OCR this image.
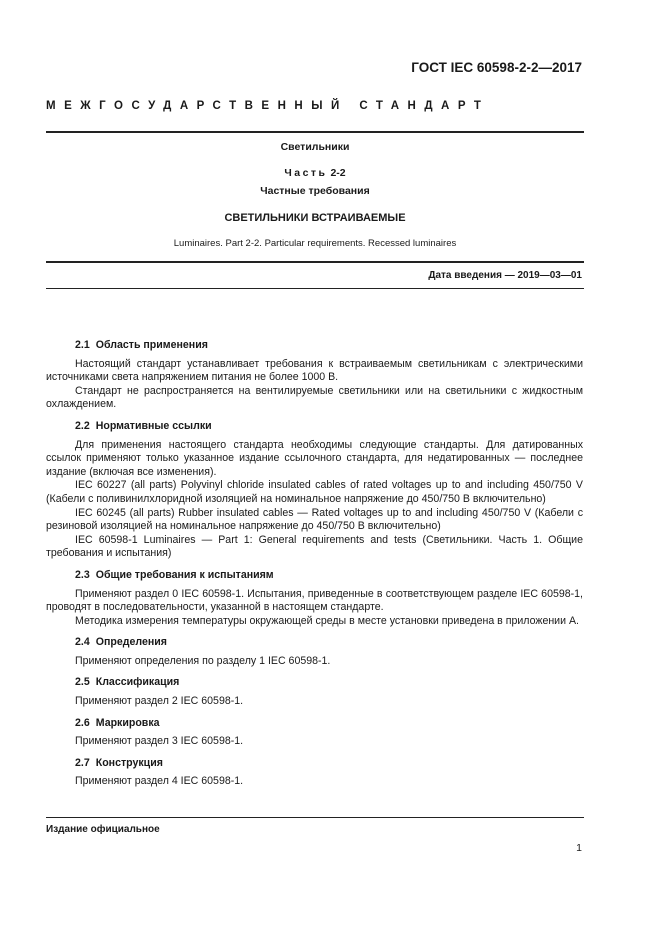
ГОСТ IEC 60598-2-2—2017
МЕЖГОСУДАРСТВЕННЫЙ СТАНДАРТ
Светильники
Часть 2-2
Частные требования
СВЕТИЛЬНИКИ ВСТРАИВАЕМЫЕ
Luminaires. Part 2-2. Particular requirements. Recessed luminaires
Дата введения — 2019—03—01
2.1 Область применения

Настоящий стандарт устанавливает требования к встраиваемым светильникам с электрическими источниками света напряжением питания не более 1000 В.

Стандарт не распространяется на вентилируемые светильники или на светильники с жидкостным охлаждением.

2.2 Нормативные ссылки

Для применения настоящего стандарта необходимы следующие стандарты. Для датированных ссылок применяют только указанное издание ссылочного стандарта, для недатированных — последнее издание (включая все изменения).

IEC 60227 (all parts) Polyvinyl chloride insulated cables of rated voltages up to and including 450/750 V (Кабели с поливинилхлоридной изоляцией на номинальное напряжение до 450/750 В включительно)

IEC 60245 (all parts) Rubber insulated cables — Rated voltages up to and including 450/750 V (Кабели с резиновой изоляцией на номинальное напряжение до 450/750 В включительно)

IEC 60598-1 Luminaires — Part 1: General requirements and tests (Светильники. Часть 1. Общие требования и испытания)

2.3 Общие требования к испытаниям

Применяют раздел 0 IEC 60598-1. Испытания, приведенные в соответствующем разделе IEC 60598-1, проводят в последовательности, указанной в настоящем стандарте.

Методика измерения температуры окружающей среды в месте установки приведена в приложении А.

2.4 Определения

Применяют определения по разделу 1 IEC 60598-1.

2.5 Классификация

Применяют раздел 2 IEC 60598-1.

2.6 Маркировка

Применяют раздел 3 IEC 60598-1.

2.7 Конструкция

Применяют раздел 4 IEC 60598-1.

Издание официальное
1
